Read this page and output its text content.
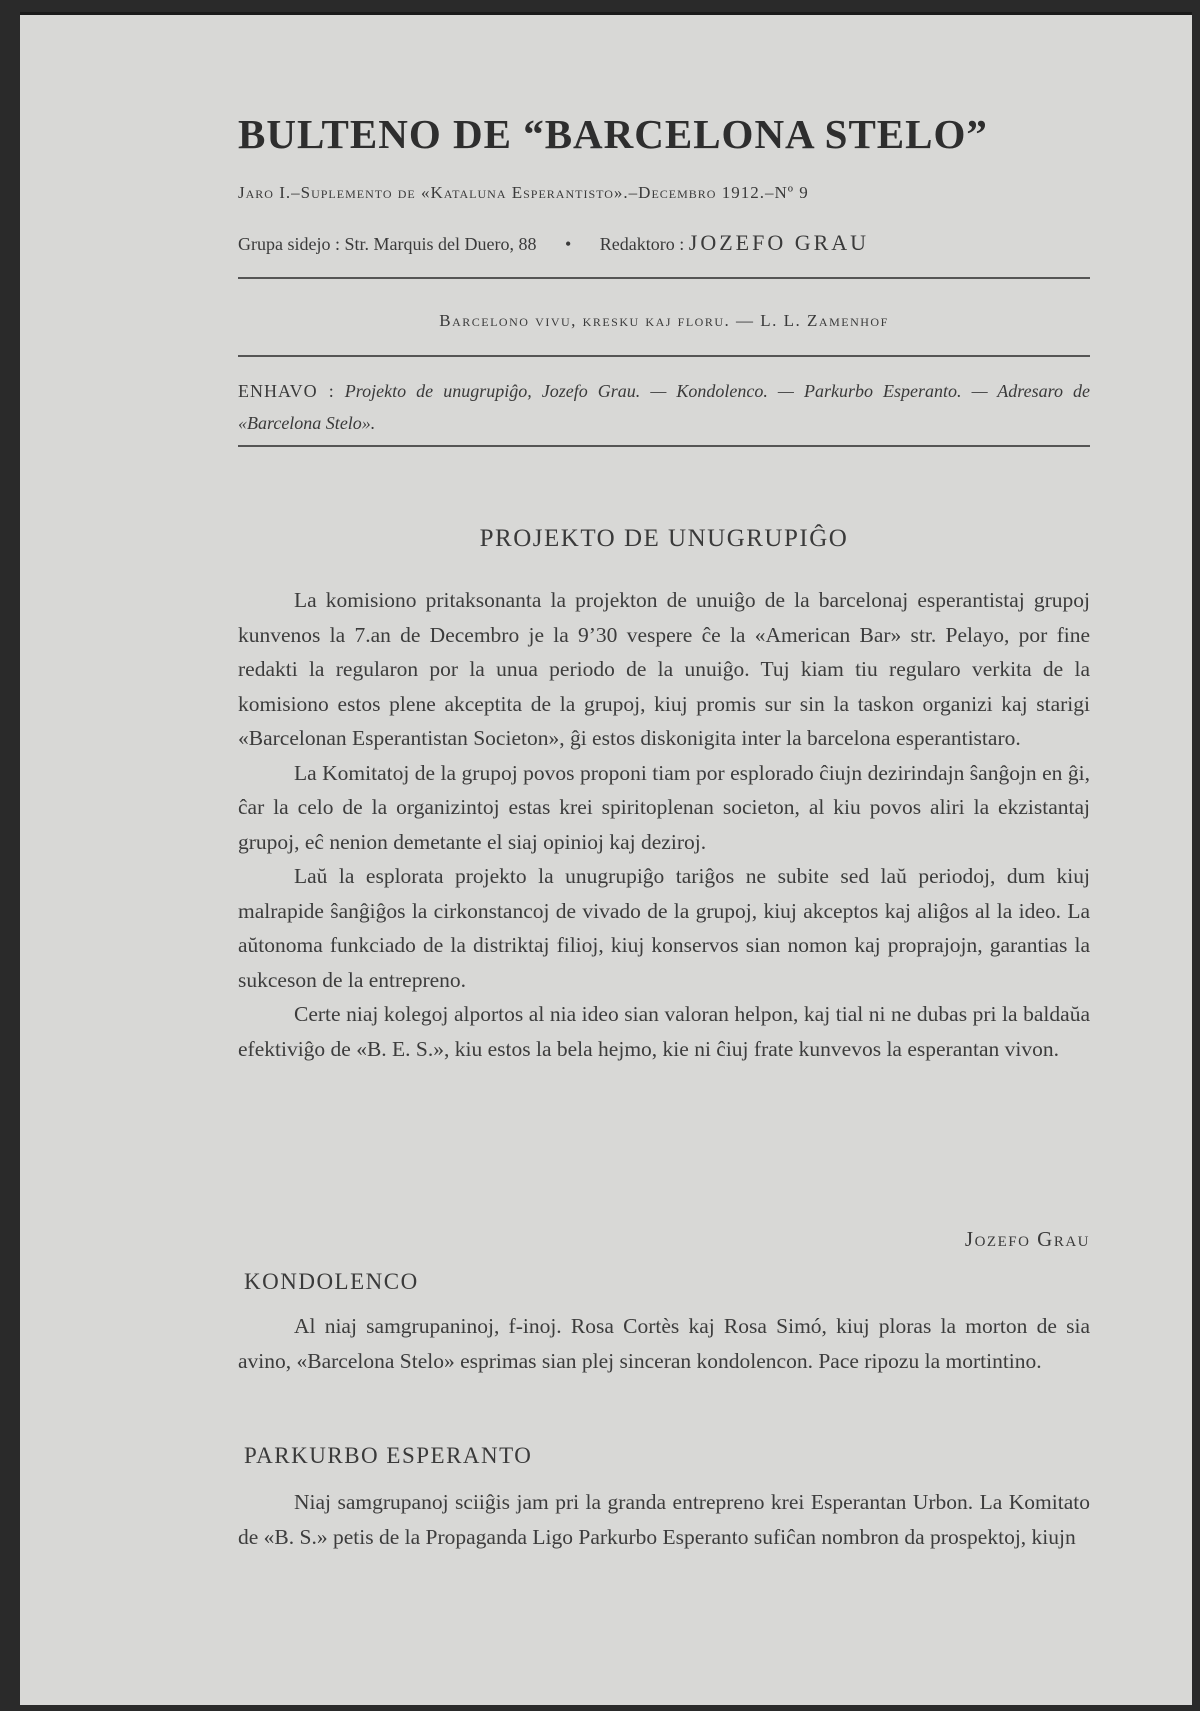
BULTENO DE “BARCELONA STELO”
Jaro I.–Suplemento de «Kataluna Esperantisto».–Decembro 1912.–Nº 9
Grupa sidejo : Str. Marquis del Duero, 88 • Redaktoro : JOZEFO GRAU
Barcelono vivu, kresku kaj floru. — L. L. Zamenhof
ENHAVO : Projekto de unugrupiĝo, Jozefo Grau. — Kondolenco. — Parkurbo Esperanto. — Adresaro de «Barcelona Stelo».
PROJEKTO DE UNUGRUPIĜO

La komisiono pritaksonanta la projekton de unuiĝo de la barcelonaj esperantistaj grupoj kunvenos la 7.an de Decembro je la 9’30 vespere ĉe la «American Bar» str. Pelayo, por fine redakti la regularon por la unua periodo de la unuiĝo. Tuj kiam tiu regularo verkita de la komisiono estos plene akceptita de la grupoj, kiuj promis sur sin la taskon organizi kaj starigi «Barcelonan Esperantistan Societon», ĝi estos diskonigita inter la barcelona esperantistaro.

La Komitatoj de la grupoj povos proponi tiam por esplorado ĉiujn dezirindajn ŝanĝojn en ĝi, ĉar la celo de la organizintoj estas krei spiritoplenan societon, al kiu povos aliri la ekzistantaj grupoj, eĉ nenion demetante el siaj opinioj kaj deziroj.

Laŭ la esplorata projekto la unugrupiĝo tariĝos ne subite sed laŭ periodoj, dum kiuj malrapide ŝanĝiĝos la cirkonstancoj de vivado de la grupoj, kiuj akceptos kaj aliĝos al la ideo. La aŭtonoma funkciado de la distriktaj filioj, kiuj konservos sian nomon kaj proprajojn, garantias la sukceson de la entrepreno.

Certe niaj kolegoj alportos al nia ideo sian valoran helpon, kaj tial ni ne dubas pri la baldaŭa efektiviĝo de «B. E. S.», kiu estos la bela hejmo, kie ni ĉiuj frate kunvevos la esperantan vivon.

Jozefo Grau
KONDOLENCO

Al niaj samgrupaninoj, f-inoj. Rosa Cortès kaj Rosa Simó, kiuj ploras la morton de sia avino, «Barcelona Stelo» esprimas sian plej sinceran kondolencon. Pace ripozu la mortintino.

PARKURBO ESPERANTO

Niaj samgrupanoj sciiĝis jam pri la granda entrepreno krei Esperantan Urbon. La Komitato de «B. S.» petis de la Propaganda Ligo Parkurbo Esperanto sufiĉan nombron da prospektoj, kiujn
